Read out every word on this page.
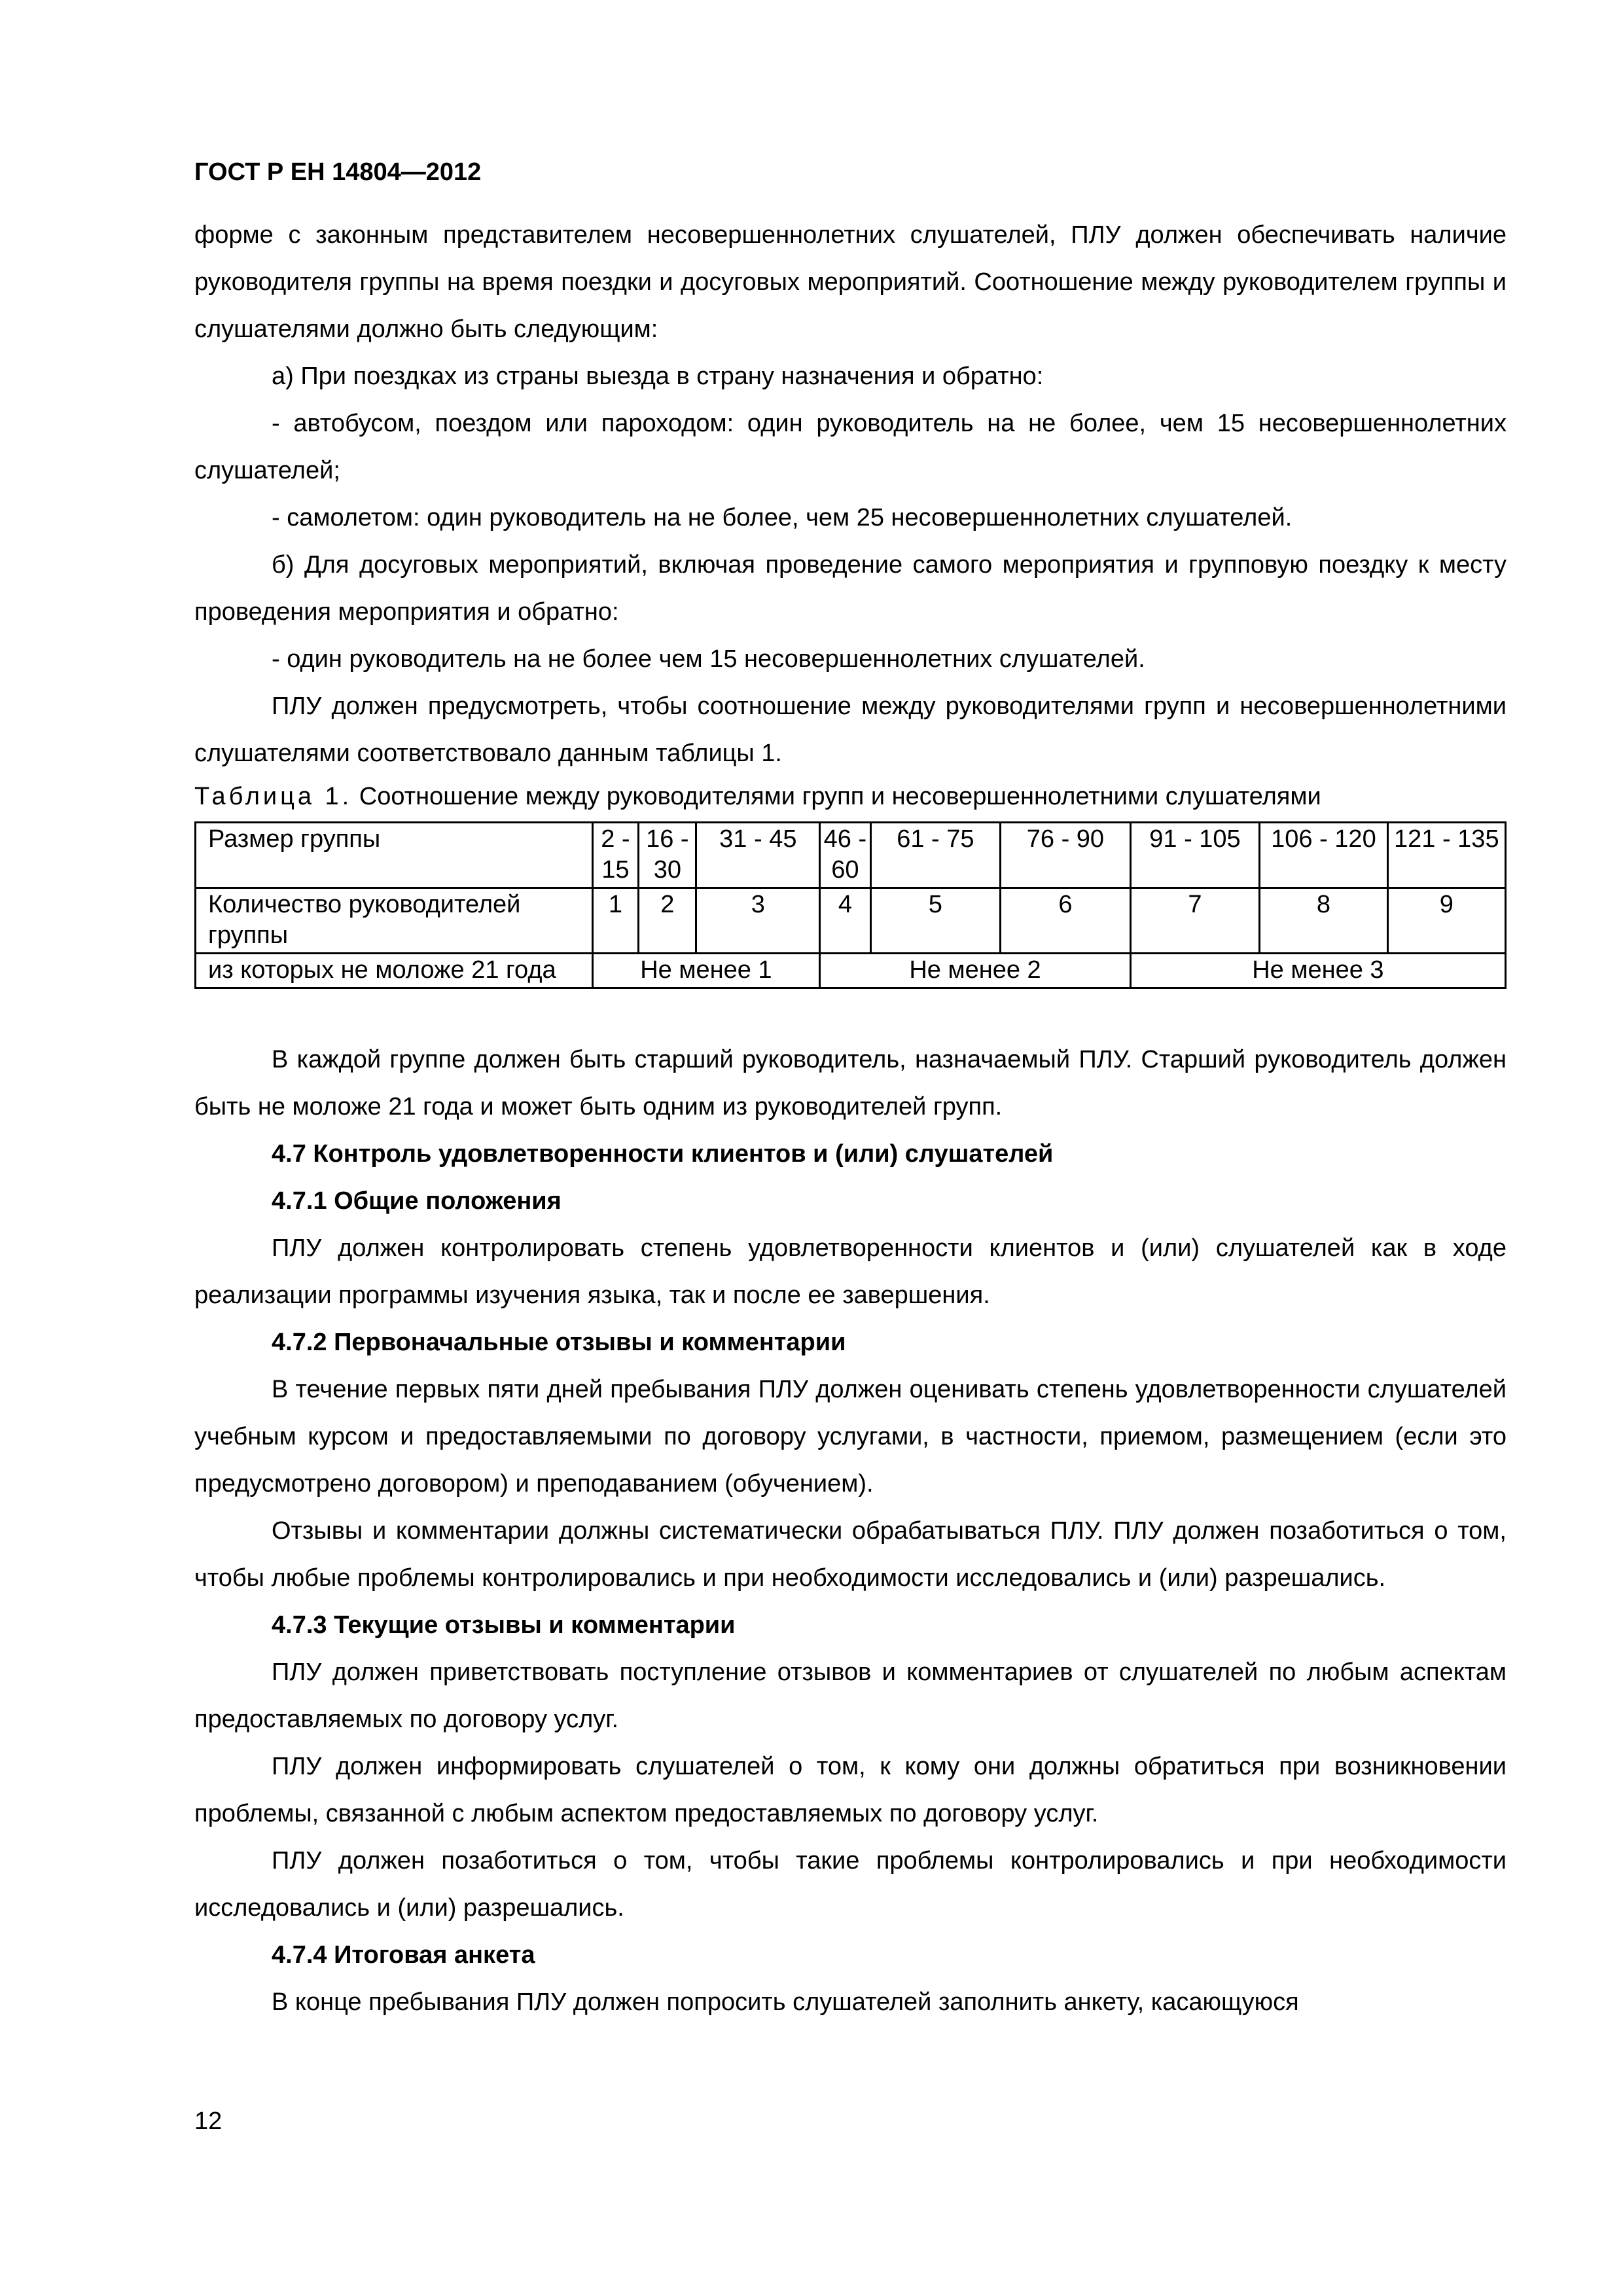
ГОСТ Р ЕН 14804—2012

форме с законным представителем несовершеннолетних слушателей, ПЛУ должен обеспечивать наличие руководителя группы на время поездки и досуговых мероприятий. Соотношение между руководителем группы и слушателями должно быть следующим:

а) При поездках из страны выезда в страну назначения и обратно:

- автобусом, поездом или пароходом: один руководитель на не более, чем 15 несовершеннолетних слушателей;

- самолетом: один руководитель на не более, чем 25 несовершеннолетних слушателей.

б) Для досуговых мероприятий, включая проведение самого мероприятия и групповую поездку к месту проведения мероприятия и обратно:

- один руководитель на не более чем 15 несовершеннолетних слушателей.

ПЛУ должен предусмотреть, чтобы соотношение между руководителями групп и несовершеннолетними слушателями соответствовало данным таблицы 1.

Таблица 1. Соотношение между руководителями групп и несовершеннолетними слушателями

Размер группы	2 - 15	16 - 30	31 - 45	46 - 60	61 - 75	76 - 90	91 - 105	106 - 120	121 - 135
Количество руководителей группы	1	2	3	4	5	6	7	8	9
из которых не моложе 21 года	Не менее 1			Не менее 2			Не менее 3		

В каждой группе должен быть старший руководитель, назначаемый ПЛУ. Старший руководитель должен быть не моложе 21 года и может быть одним из руководителей групп.

4.7 Контроль удовлетворенности клиентов и (или) слушателей
4.7.1 Общие положения

ПЛУ должен контролировать степень удовлетворенности клиентов и (или) слушателей как в ходе реализации программы изучения языка, так и после ее завершения.

4.7.2 Первоначальные отзывы и комментарии

В течение первых пяти дней пребывания ПЛУ должен оценивать степень удовлетворенности слушателей учебным курсом и предоставляемыми по договору услугами, в частности, приемом, размещением (если это предусмотрено договором) и преподаванием (обучением).

Отзывы и комментарии должны систематически обрабатываться ПЛУ. ПЛУ должен позаботиться о том, чтобы любые проблемы контролировались и при необходимости исследовались и (или) разрешались.

4.7.3 Текущие отзывы и комментарии

ПЛУ должен приветствовать поступление отзывов и комментариев от слушателей по любым аспектам предоставляемых по договору услуг.

ПЛУ должен информировать слушателей о том, к кому они должны обратиться при возникновении проблемы, связанной с любым аспектом предоставляемых по договору услуг.

ПЛУ должен позаботиться о том, чтобы такие проблемы контролировались и при необходимости исследовались и (или) разрешались.

4.7.4 Итоговая анкета

В конце пребывания ПЛУ должен попросить слушателей заполнить анкету, касающуюся

12
